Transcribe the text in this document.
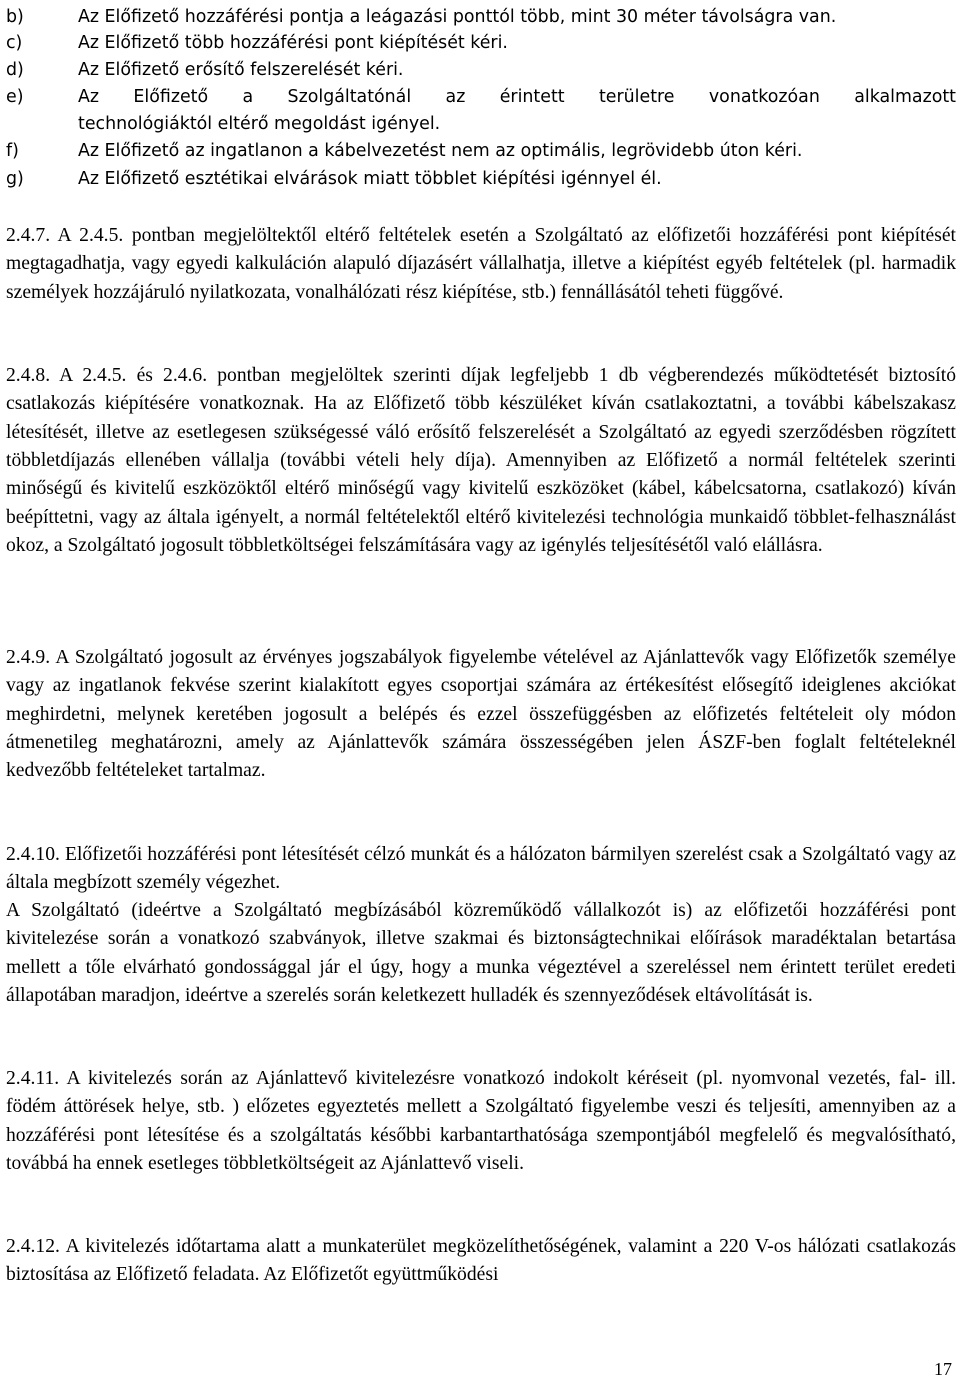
b)	Az Előfizető hozzáférési pontja a leágazási ponttól több, mint 30 méter távolságra van.
c)	Az Előfizető több hozzáférési pont kiépítését kéri.
d)	Az Előfizető erősítő felszerelését kéri.
e)	Az Előfizető a Szolgáltatónál az érintett területre vonatkozóan alkalmazott
technológiáktól eltérő megoldást igényel.
f)	Az Előfizető az ingatlanon a kábelvezetést nem az optimális, legrövidebb úton kéri.
g)	Az Előfizető esztétikai elvárások miatt többlet kiépítési igénnyel él.

2.4.7. A 2.4.5. pontban megjelöltektől eltérő feltételek esetén a Szolgáltató az előfizetői hozzáférési pont kiépítését megtagadhatja, vagy egyedi kalkuláción alapuló díjazásért vállalhatja, illetve a kiépítést egyéb feltételek (pl. harmadik személyek hozzájáruló nyilatkozata, vonalhálózati rész kiépítése, stb.) fennállásától teheti függővé.

2.4.8. A 2.4.5. és 2.4.6. pontban megjelöltek szerinti díjak legfeljebb 1 db végberendezés működtetését biztosító csatlakozás kiépítésére vonatkoznak. Ha az Előfizető több készüléket kíván csatlakoztatni, a további kábelszakasz létesítését, illetve az esetlegesen szükségessé váló erősítő felszerelését a Szolgáltató az egyedi szerződésben rögzített többletdíjazás ellenében vállalja (további vételi hely díja). Amennyiben az Előfizető a normál feltételek szerinti minőségű és kivitelű eszközöktől eltérő minőségű vagy kivitelű eszközöket (kábel, kábelcsatorna, csatlakozó) kíván beépíttetni, vagy az általa igényelt, a normál feltételektől eltérő kivitelezési technológia munkaidő többlet-felhasználást okoz, a Szolgáltató jogosult többletköltségei felszámítására vagy az igénylés teljesítésétől való elállásra.

2.4.9. A Szolgáltató jogosult az érvényes jogszabályok figyelembe vételével az Ajánlattevők vagy Előfizetők személye vagy az ingatlanok fekvése szerint kialakított egyes csoportjai számára az értékesítést elősegítő ideiglenes akciókat meghirdetni, melynek keretében jogosult a belépés és ezzel összefüggésben az előfizetés feltételeit oly módon átmenetileg meghatározni, amely az Ajánlattevők számára összességében jelen ÁSZF-ben foglalt feltételeknél kedvezőbb feltételeket tartalmaz.

2.4.10. Előfizetői hozzáférési pont létesítését célzó munkát és a hálózaton bármilyen szerelést csak a Szolgáltató vagy az általa megbízott személy végezhet.

A Szolgáltató (ideértve a Szolgáltató megbízásából közreműködő vállalkozót is) az előfizetői hozzáférési pont kivitelezése során a vonatkozó szabványok, illetve szakmai és biztonságtechnikai előírások maradéktalan betartása mellett a tőle elvárható gondossággal jár el úgy, hogy a munka végeztével a szereléssel nem érintett terület eredeti állapotában maradjon, ideértve a szerelés során keletkezett hulladék és szennyeződések eltávolítását is.

2.4.11. A kivitelezés során az Ajánlattevő kivitelezésre vonatkozó indokolt kéréseit (pl. nyomvonal vezetés, fal- ill. födém áttörések helye, stb. ) előzetes egyeztetés mellett a Szolgáltató figyelembe veszi és teljesíti, amennyiben az a hozzáférési pont létesítése és a szolgáltatás későbbi karbantarthatósága szempontjából megfelelő és megvalósítható, továbbá ha ennek esetleges többletköltségeit az Ajánlattevő viseli.

2.4.12. A kivitelezés időtartama alatt a munkaterület megközelíthetőségének, valamint a 220 V-os hálózati csatlakozás biztosítása az Előfizető feladata. Az Előfizetőt együttműködési

17
